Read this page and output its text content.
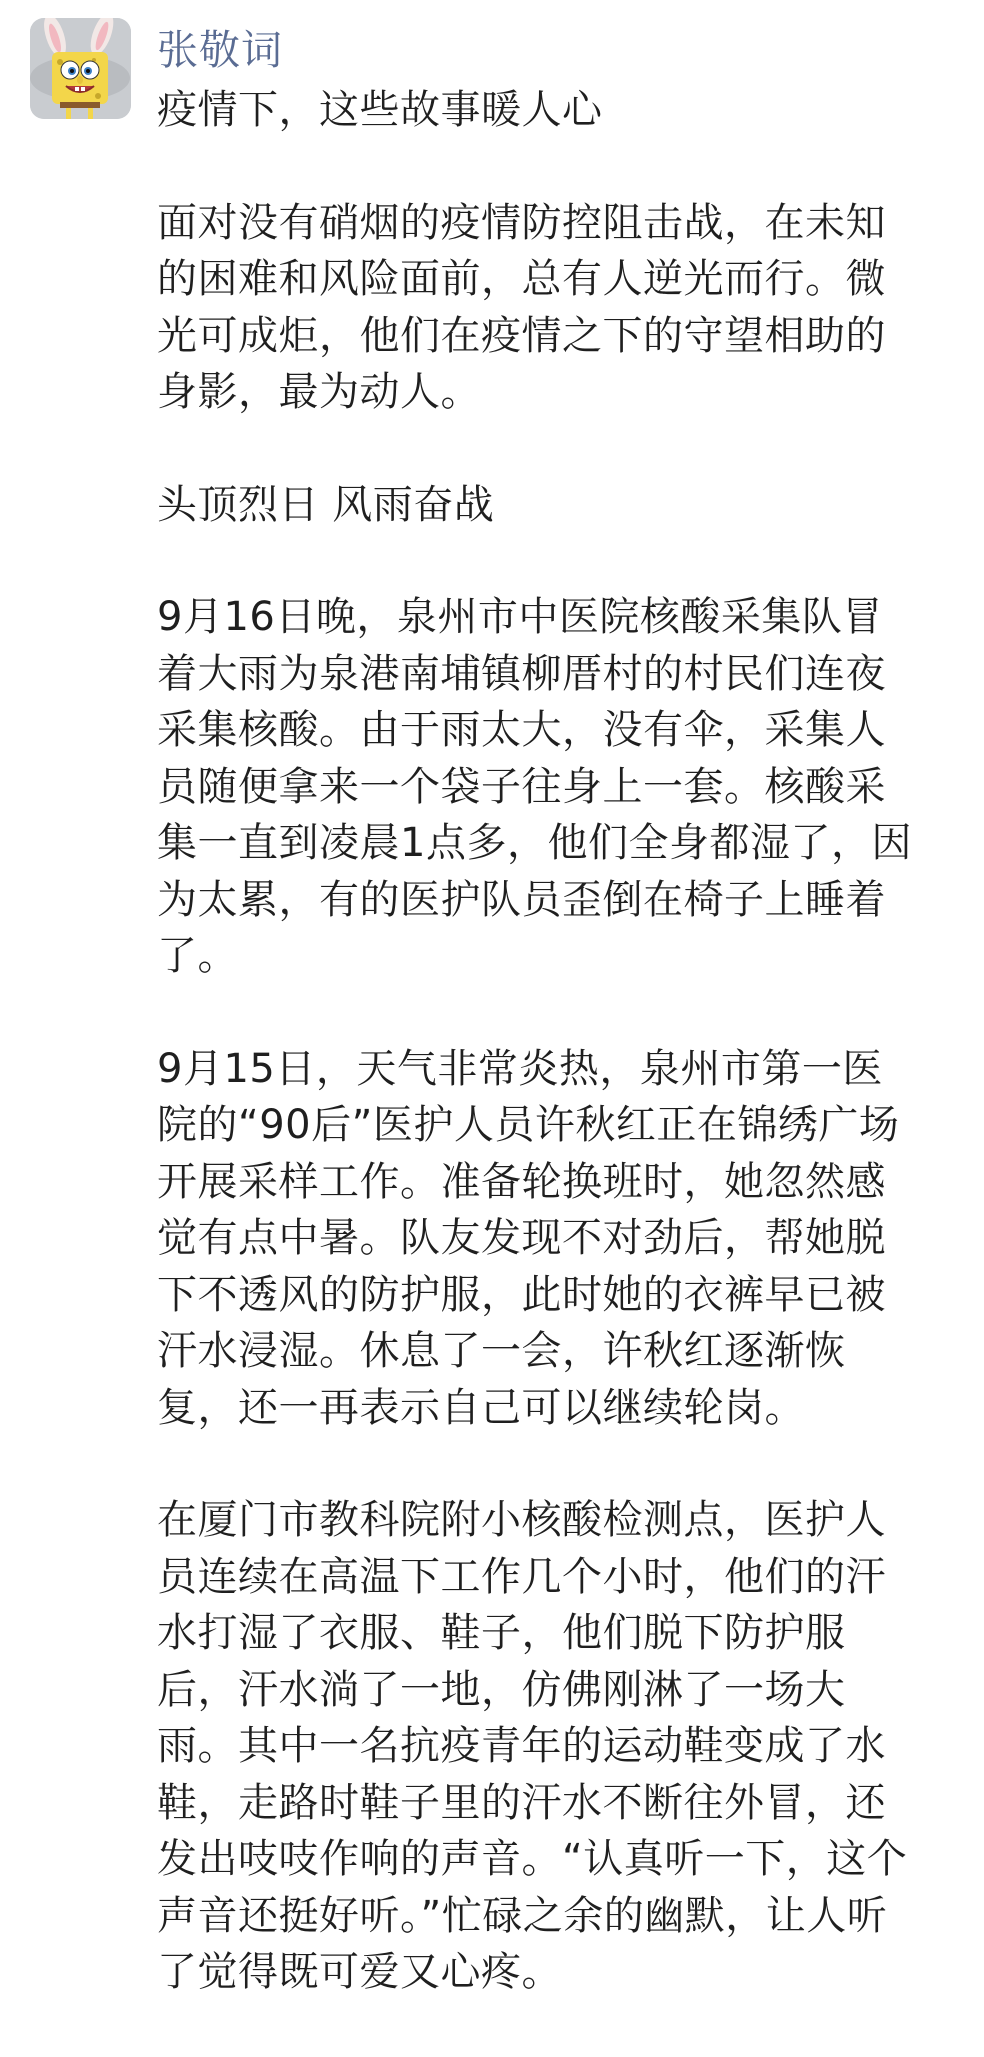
张敬词
疫情下，这些故事暖人心
面对没有硝烟的疫情防控阻击战，在未知
的困难和风险面前，总有人逆光而行。微
光可成炬，他们在疫情之下的守望相助的
身影，最为动人。
头顶烈日 风雨奋战
9月16日晚，泉州市中医院核酸采集队冒
着大雨为泉港南埔镇柳厝村的村民们连夜
采集核酸。由于雨太大，没有伞，采集人
员随便拿来一个袋子往身上一套。核酸采
集一直到凌晨1点多，他们全身都湿了，因
为太累，有的医护队员歪倒在椅子上睡着
了。
9月15日，天气非常炎热，泉州市第一医
院的“90后”医护人员许秋红正在锦绣广场
开展采样工作。准备轮换班时，她忽然感
觉有点中暑。队友发现不对劲后，帮她脱
下不透风的防护服，此时她的衣裤早已被
汗水浸湿。休息了一会，许秋红逐渐恢
复，还一再表示自己可以继续轮岗。
在厦门市教科院附小核酸检测点，医护人
员连续在高温下工作几个小时，他们的汗
水打湿了衣服、鞋子，他们脱下防护服
后，汗水淌了一地，仿佛刚淋了一场大
雨。其中一名抗疫青年的运动鞋变成了水
鞋，走路时鞋子里的汗水不断往外冒，还
发出吱吱作响的声音。“认真听一下，这个
声音还挺好听。”忙碌之余的幽默，让人听
了觉得既可爱又心疼。
